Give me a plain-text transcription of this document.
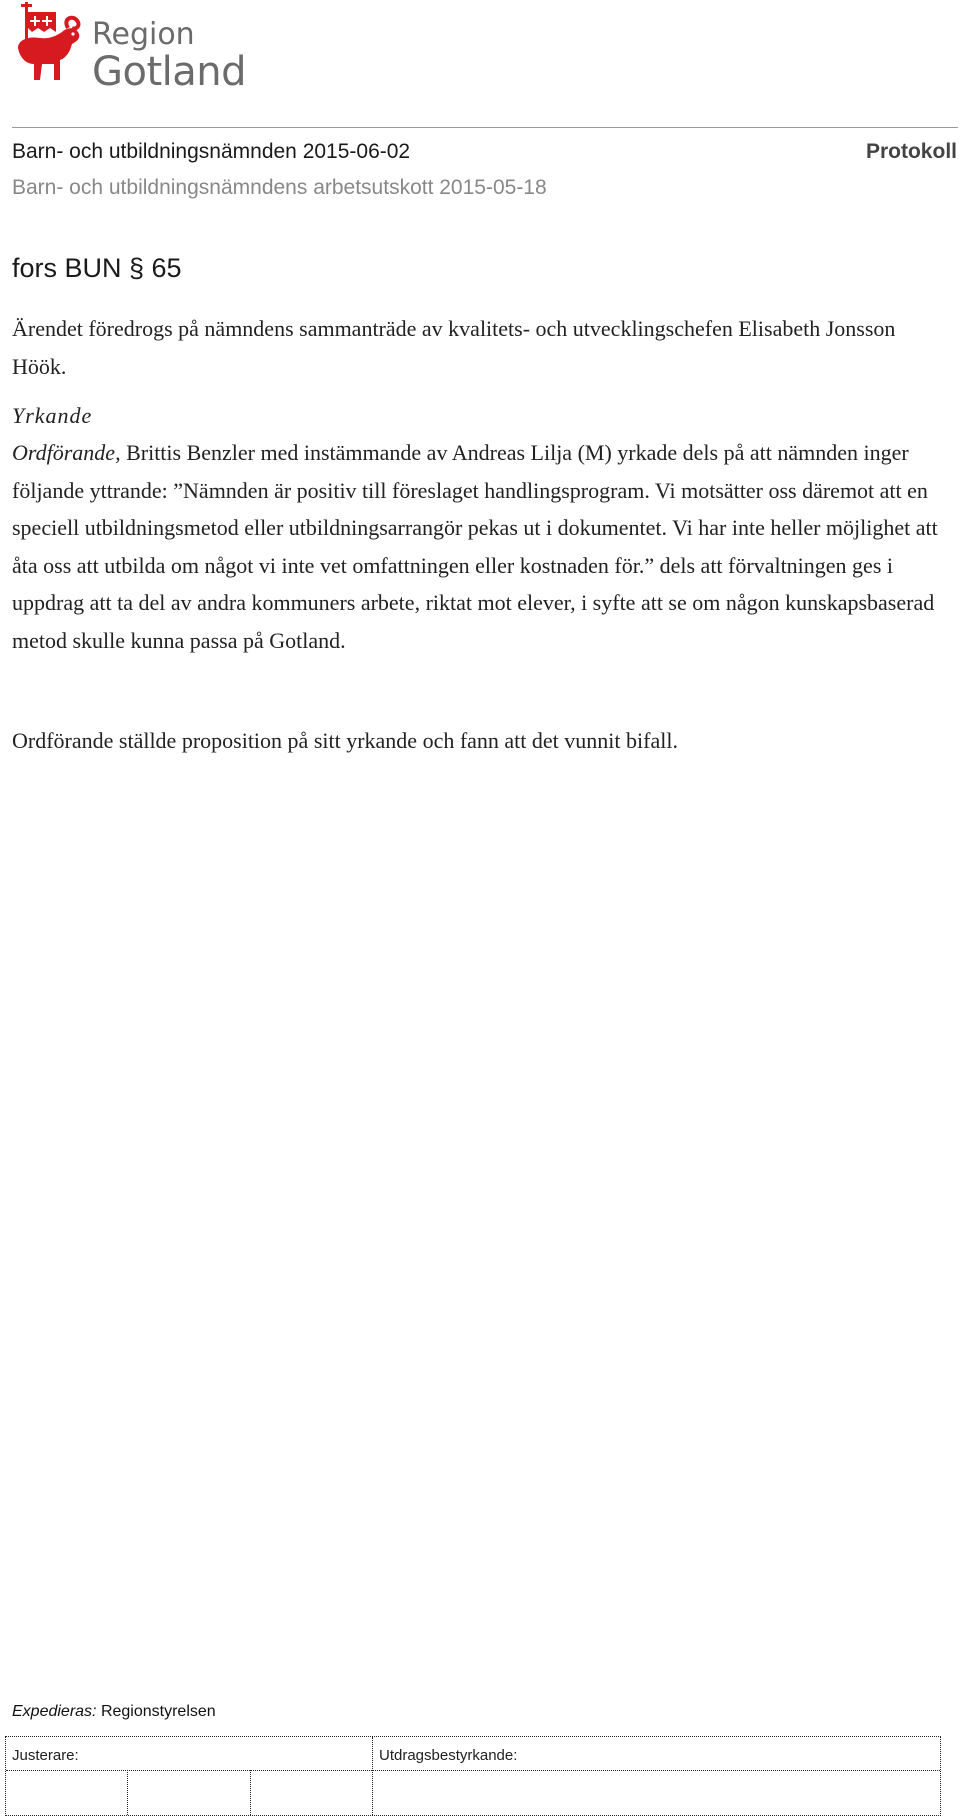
Region
Gotland
Barn- och utbildningsnämnden 2015-06-02	Protokoll
Barn- och utbildningsnämndens arbetsutskott 2015-05-18
fors BUN § 65
Ärendet föredrogs på nämndens sammanträde av kvalitets- och utvecklingschefen Elisabeth Jonsson Höök.
Yrkande
Ordförande, Brittis Benzler med instämmande av Andreas Lilja (M) yrkade dels på att nämnden inger följande yttrande: ”Nämnden är positiv till föreslaget handlingsprogram. Vi motsätter oss däremot att en speciell utbildningsmetod eller utbildningsarrangör pekas ut i dokumentet. Vi har inte heller möjlighet att åta oss att utbilda om något vi inte vet omfattningen eller kostnaden för.” dels att förvaltningen ges i uppdrag att ta del av andra kommuners arbete, riktat mot elever, i syfte att se om någon kunskapsbaserad metod skulle kunna passa på Gotland.
Ordförande ställde proposition på sitt yrkande och fann att det vunnit bifall.
Expedieras: Regionstyrelsen
Justerare:	Utdragsbestyrkande:
